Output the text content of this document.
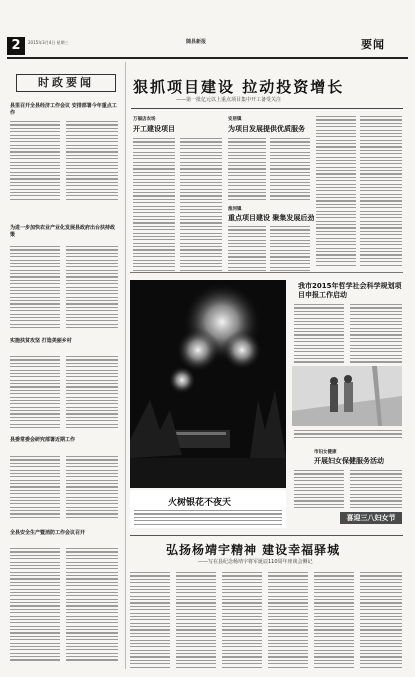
2	2015年3月4日 星期三	随县新报	要闻
时政要闻
县里召开全县经济工作会议 安排部署今年重点工作
为进一步加快农业产业化发展县政府出台扶持政策
实施扶贫攻坚 打造美丽乡村
县委常委会研究部署近期工作
全县安全生产暨消防工作会议召开
狠抓项目建设 拉动投资增长
——第一批亿元以上重点项目集中开工备受关注
万福店农场
开工建设项目
安居镇
为项目发展提供优质服务
淮河镇
重点项目建设 聚集发展后劲
火树银花不夜天
我市2015年哲学社会科学规划项目申报工作启动
市妇女健康
开展妇女保健服务活动
喜迎三八妇女节
弘扬杨靖宇精神 建设幸福驿城
——写在县纪念杨靖宇将军诞辰110周年座谈会侧记
